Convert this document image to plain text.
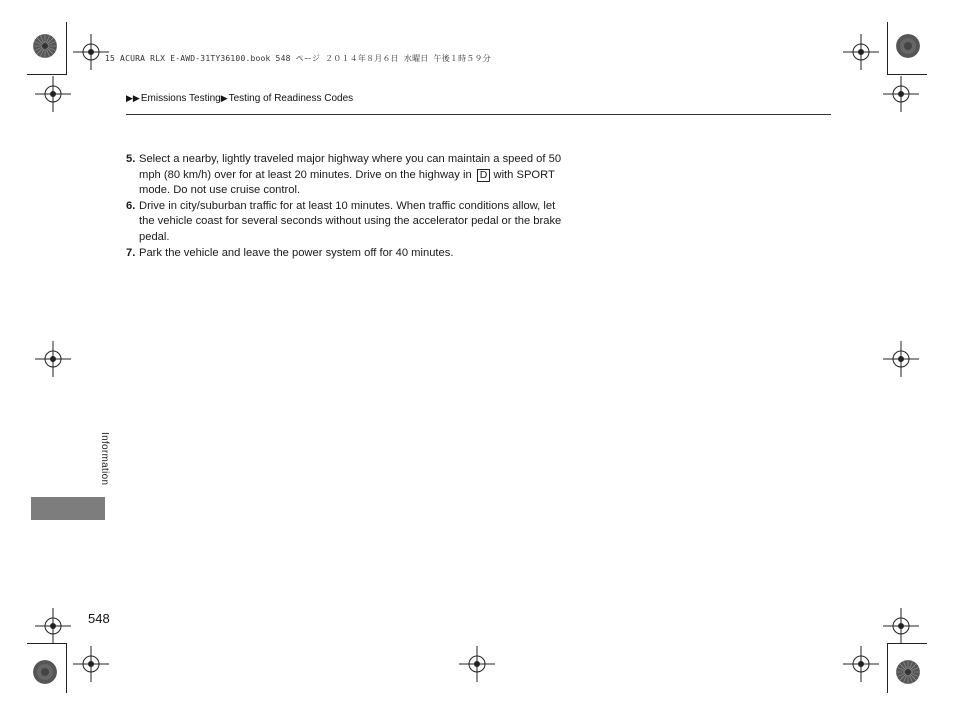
15 ACURA RLX E-AWD-31TY36100.book 548 ページ ２０１４年８月６日 水曜日 午後１時５９分
▶▶ Emissions Testing ▶ Testing of Readiness Codes
5. Select a nearby, lightly traveled major highway where you can maintain a speed of 50 mph (80 km/h) over for at least 20 minutes. Drive on the highway in D with SPORT mode. Do not use cruise control.
6. Drive in city/suburban traffic for at least 10 minutes. When traffic conditions allow, let the vehicle coast for several seconds without using the accelerator pedal or the brake pedal.
7. Park the vehicle and leave the power system off for 40 minutes.
Information
548
